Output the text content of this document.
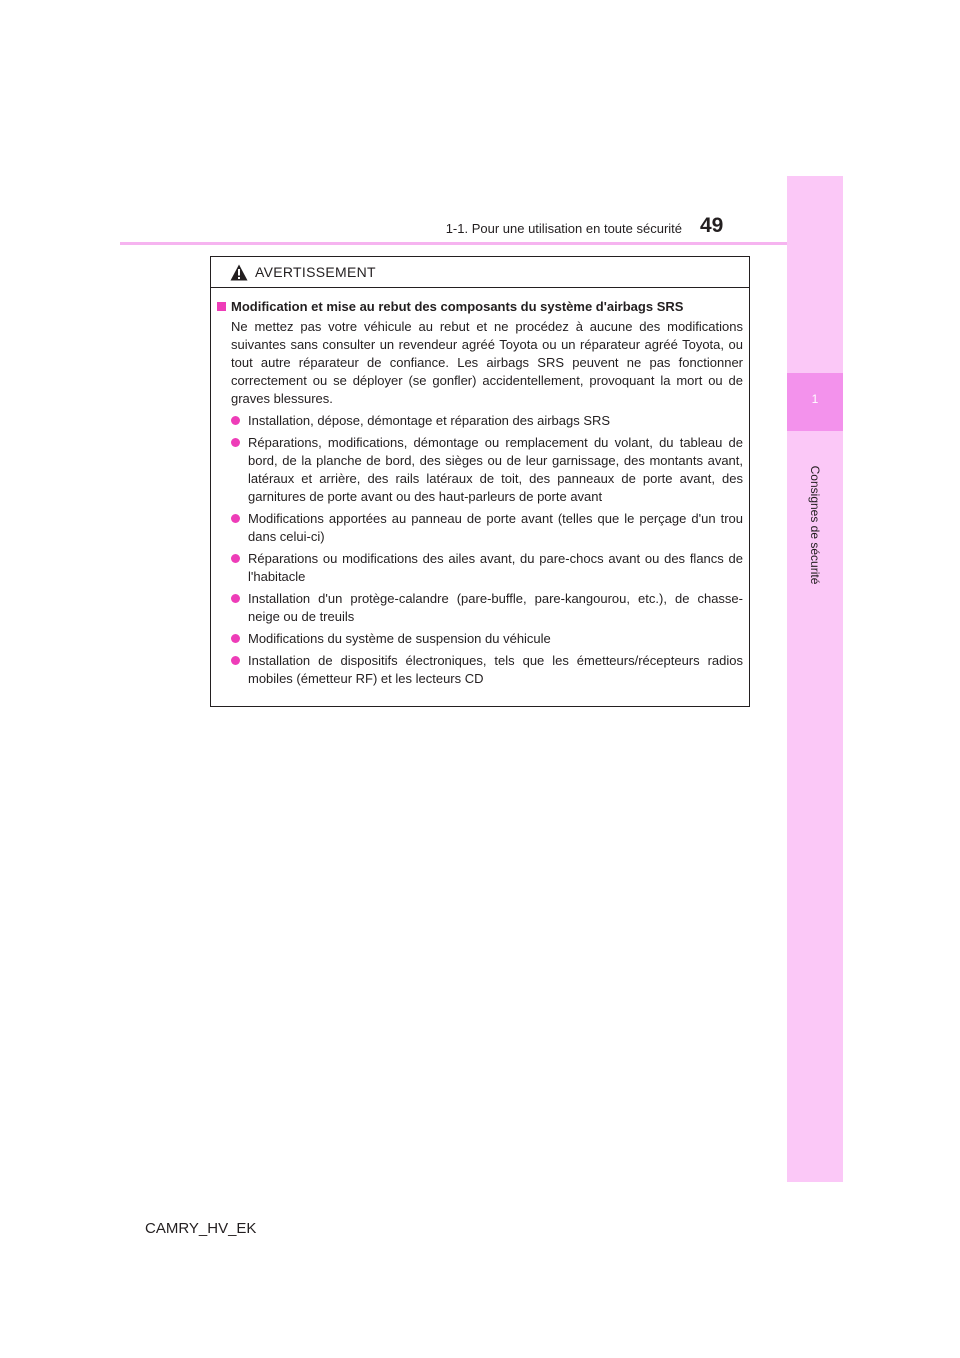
1-1. Pour une utilisation en toute sécurité 49
1
Consignes de sécurité
AVERTISSEMENT
Modification et mise au rebut des composants du système d'airbags SRS

Ne mettez pas votre véhicule au rebut et ne procédez à aucune des modifications suivantes sans consulter un revendeur agréé Toyota ou un réparateur agréé Toyota, ou tout autre réparateur de confiance. Les airbags SRS peuvent ne pas fonctionner correctement ou se déployer (se gonfler) accidentellement, provoquant la mort ou de graves blessures.

Installation, dépose, démontage et réparation des airbags SRS
Réparations, modifications, démontage ou remplacement du volant, du tableau de bord, de la planche de bord, des sièges ou de leur garnissage, des montants avant, latéraux et arrière, des rails latéraux de toit, des panneaux de porte avant, des garnitures de porte avant ou des haut-parleurs de porte avant
Modifications apportées au panneau de porte avant (telles que le perçage d'un trou dans celui-ci)
Réparations ou modifications des ailes avant, du pare-chocs avant ou des flancs de l'habitacle
Installation d'un protège-calandre (pare-buffle, pare-kangourou, etc.), de chasse-neige ou de treuils
Modifications du système de suspension du véhicule
Installation de dispositifs électroniques, tels que les émetteurs/récepteurs radios mobiles (émetteur RF) et les lecteurs CD
CAMRY_HV_EK
